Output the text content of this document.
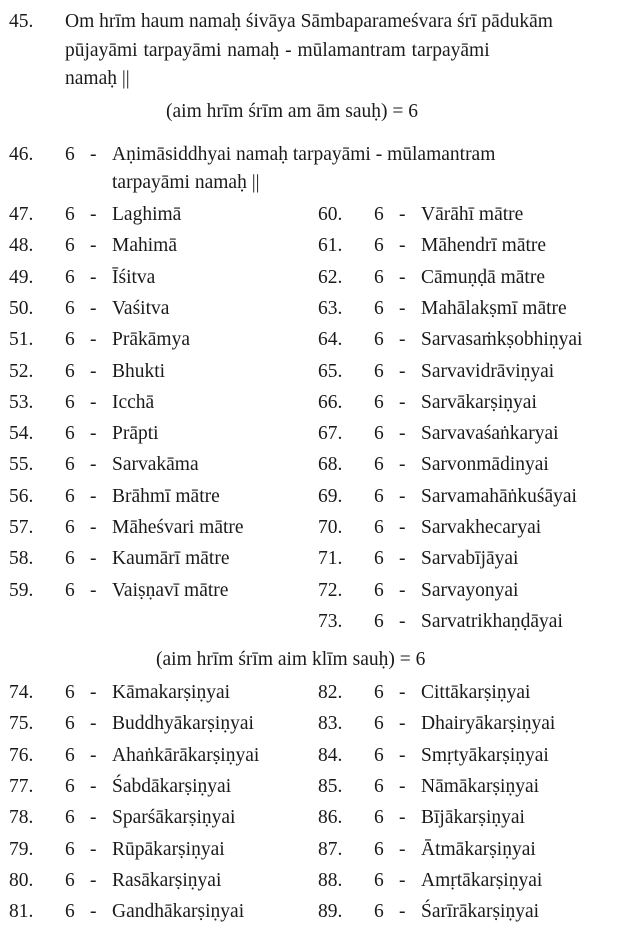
45. Om hrīm haum namaḥ śivāya Sāmbaparameśvara śrī pādukām
pūjayāmi tarpayāmi namaḥ - mūlamantram tarpayāmi
namaḥ ||
(aim hrīm śrīm am ām sauḥ) = 6
46. 6 - Aṇimāsiddhyai namaḥ tarpayāmi - mūlamantram
tarpayāmi namaḥ ||
47. 6 - Laghimā
48. 6 - Mahimā
49. 6 - Īśitva
50. 6 - Vaśitva
51. 6 - Prākāmya
52. 6 - Bhukti
53. 6 - Icchā
54. 6 - Prāpti
55. 6 - Sarvakāma
56. 6 - Brāhmī mātre
57. 6 - Māheśvari mātre
58. 6 - Kaumārī mātre
59. 6 - Vaiṣṇavī mātre
60. 6 - Vārāhī mātre
61. 6 - Māhendrī mātre
62. 6 - Cāmuṇḍā mātre
63. 6 - Mahālakṣmī mātre
64. 6 - Sarvasaṁkṣobhiṇyai
65. 6 - Sarvavidrāviṇyai
66. 6 - Sarvākarṣiṇyai
67. 6 - Sarvavaśaṅkaryai
68. 6 - Sarvonmādinyai
69. 6 - Sarvamahāṅkuśāyai
70. 6 - Sarvakhecaryai
71. 6 - Sarvabījāyai
72. 6 - Sarvayonyai
73. 6 - Sarvatrikhaṇḍāyai
(aim hrīm śrīm aim klīm sauḥ) = 6
74. 6 - Kāmakarṣiṇyai
75. 6 - Buddhyākarṣiṇyai
76. 6 - Ahaṅkārākarṣiṇyai
77. 6 - Śabdākarṣiṇyai
78. 6 - Sparśākarṣiṇyai
79. 6 - Rūpākarṣiṇyai
80. 6 - Rasākarṣiṇyai
81. 6 - Gandhākarṣiṇyai
82. 6 - Cittākarṣiṇyai
83. 6 - Dhairyākarṣiṇyai
84. 6 - Smṛtyākarṣiṇyai
85. 6 - Nāmākarṣiṇyai
86. 6 - Bījākarṣiṇyai
87. 6 - Ātmākarṣiṇyai
88. 6 - Amṛtākarṣiṇyai
89. 6 - Śarīrākarṣiṇyai
